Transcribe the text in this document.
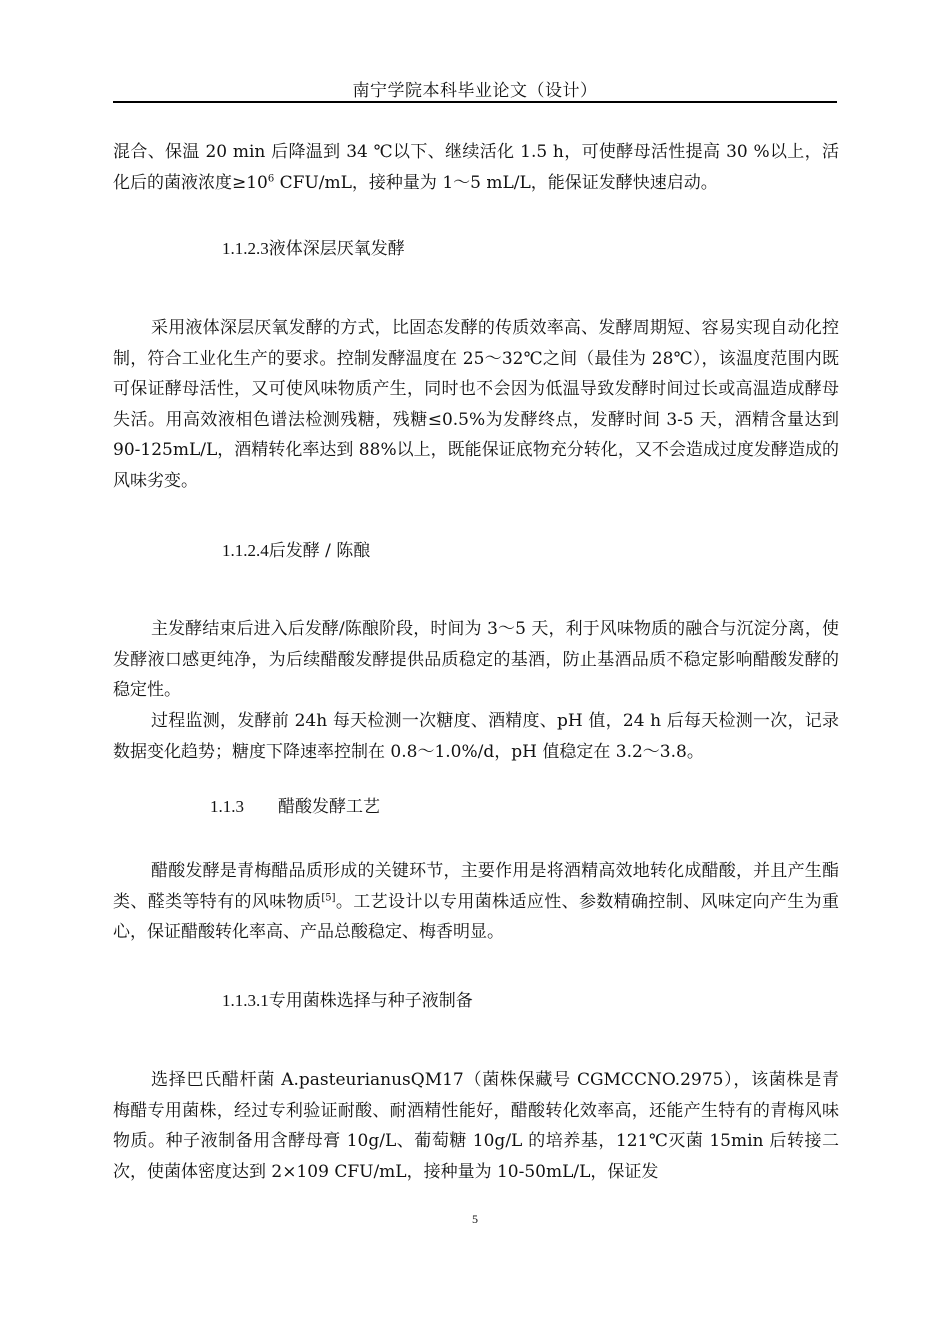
南宁学院本科毕业论文（设计）

混合、保温 20 min 后降温到 34 ℃以下、继续活化 1.5 h，可使酵母活性提高 30 %以上，活化后的菌液浓度$\ge 10^6$ CFU/mL，接种量为 1～5 mL/L，能保证发酵快速启动。

1.1.2.3液体深层厌氧发酵

采用液体深层厌氧发酵的方式，比固态发酵的传质效率高、发酵周期短、容易实现自动化控制，符合工业化生产的要求。控制发酵温度在 25～32℃之间（最佳为 28℃），该温度范围内既可保证酵母活性，又可使风味物质产生，同时也不会因为低温导致发酵时间过长或高温造成酵母失活。用高效液相色谱法检测残糖，残糖≤0.5%为发酵终点，发酵时间 3-5 天，酒精含量达到 90-125mL/L，酒精转化率达到 88%以上，既能保证底物充分转化，又不会造成过度发酵造成的风味劣变。

1.1.2.4后发酵 / 陈酿

主发酵结束后进入后发酵/陈酿阶段，时间为 3～5 天，利于风味物质的融合与沉淀分离，使发酵液口感更纯净，为后续醋酸发酵提供品质稳定的基酒，防止基酒品质不稳定影响醋酸发酵的稳定性。

过程监测，发酵前 24h 每天检测一次糖度、酒精度、pH 值，24 h 后每天检测一次，记录数据变化趋势；糖度下降速率控制在 0.8～1.0%/d，pH 值稳定在 3.2～3.8。

1.1.3 醋酸发酵工艺

醋酸发酵是青梅醋品质形成的关键环节，主要作用是将酒精高效地转化成醋酸，并且产生酯类、醛类等特有的风味物质[5]。工艺设计以专用菌株适应性、参数精确控制、风味定向产生为重心，保证醋酸转化率高、产品总酸稳定、梅香明显。

1.1.3.1专用菌株选择与种子液制备

选择巴氏醋杆菌 A.pasteurianusQM17（菌株保藏号 CGMCCNO.2975），该菌株是青梅醋专用菌株，经过专利验证耐酸、耐酒精性能好，醋酸转化效率高，还能产生特有的青梅风味物质。种子液制备用含酵母膏 10g/L、葡萄糖 10g/L 的培养基，121℃灭菌 15min 后转接二次，使菌体密度达到 2×109 CFU/mL，接种量为 10-50mL/L，保证发

5
